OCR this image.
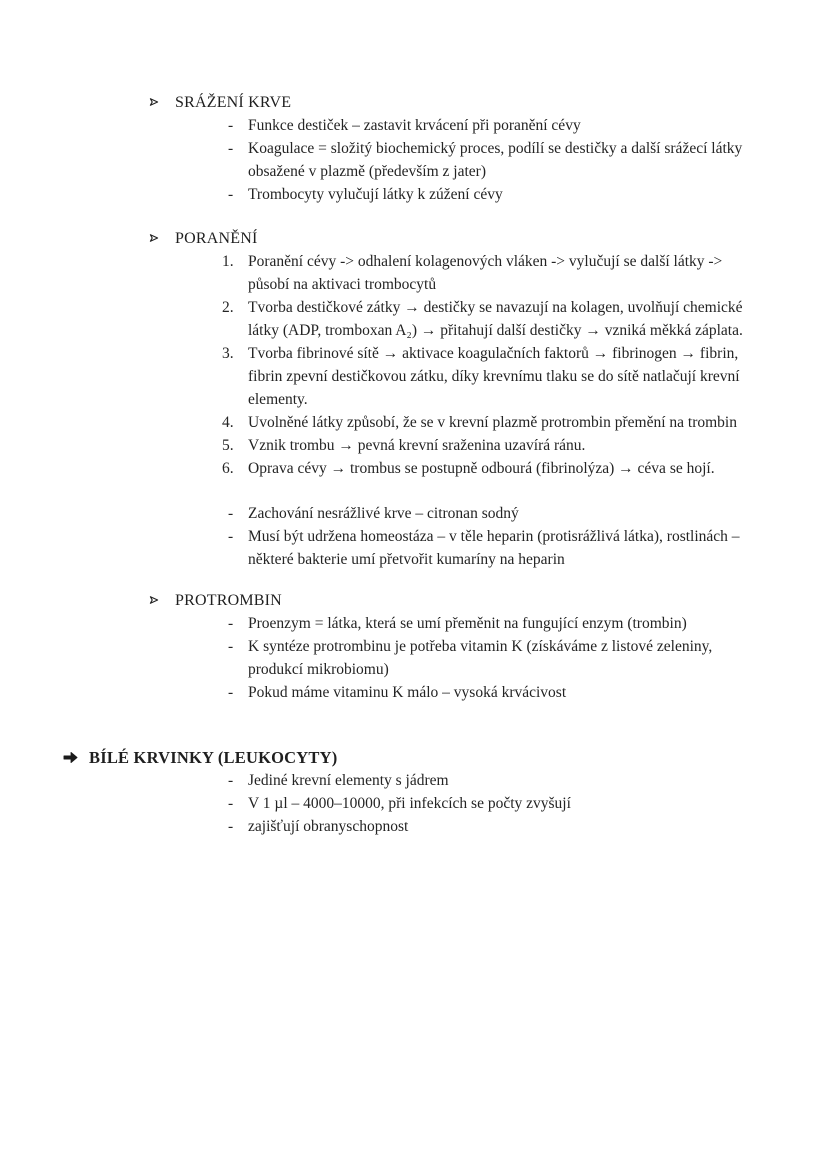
SRÁŽENÍ KRVE
- Funkce destiček – zastavit krvácení při poranění cévy
- Koagulace = složitý biochemický proces, podílí se destičky a další srážecí látky obsažené v plazmě (především z jater)
- Trombocyty vylučují látky k zúžení cévy
PORANĚNÍ
1. Poranění cévy -> odhalení kolagenových vláken -> vylučují se další látky -> působí na aktivaci trombocytů
2. Tvorba destičkové zátky → destičky se navazují na kolagen, uvolňují chemické látky (ADP, tromboxan A₂) → přitahují další destičky → vzniká měkká záplata.
3. Tvorba fibrinové sítě → aktivace koagulačních faktorů → fibrinogen → fibrin, fibrin zpevní destičkovou zátku, díky krevnímu tlaku se do sítě natlačují krevní elementy.
4. Uvolněné látky způsobí, že se v krevní plazmě protrombin přemění na trombin
5. Vznik trombu → pevná krevní sraženina uzavírá ránu.
6. Oprava cévy → trombus se postupně odbourá (fibrinolýza) → céva se hojí.
- Zachování nesrážlivé krve – citronan sodný
- Musí být udržena homeostáza – v těle heparin (protisrážlivá látka), rostlinách – některé bakterie umí přetvořit kumaríny na heparin
PROTROMBIN
- Proenzym = látka, která se umí přeměnit na fungující enzym (trombin)
- K syntéze protrombinu je potřeba vitamin K (získáváme z listové zeleniny, produkcí mikrobiomu)
- Pokud máme vitaminu K málo – vysoká krvácivost
BÍLÉ KRVINKY (LEUKOCYTY)
- Jediné krevní elementy s jádrem
- V 1 µl – 4000–10000, při infekcích se počty zvyšují
- zajišťují obranyschopnost
